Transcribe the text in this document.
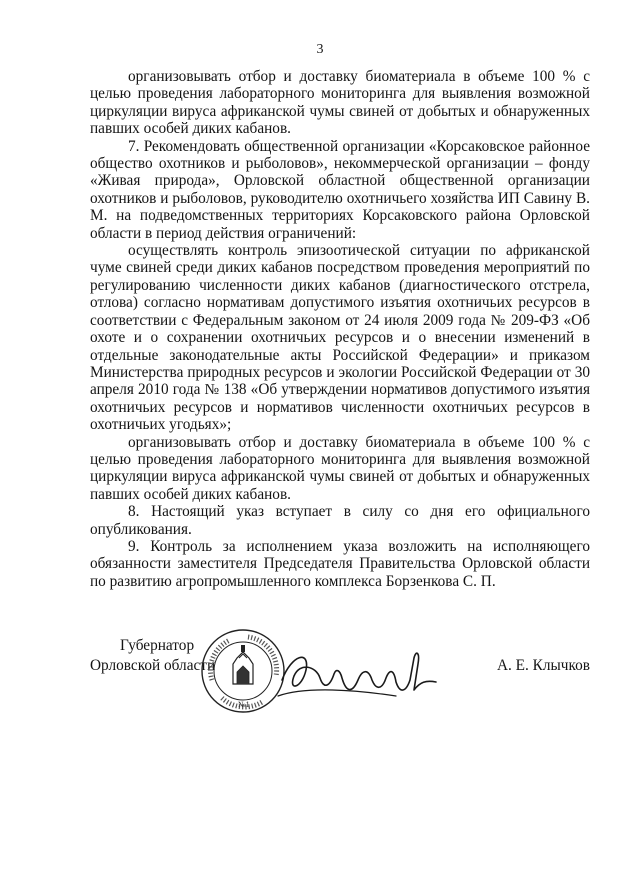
3

организовывать отбор и доставку биоматериала в объеме 100 % с целью проведения лабораторного мониторинга для выявления возможной циркуляции вируса африканской чумы свиней от добытых и обнаруженных павших особей диких кабанов.

7. Рекомендовать общественной организации «Корсаковское районное общество охотников и рыболовов», некоммерческой организации – фонду «Живая природа», Орловской областной общественной организации охотников и рыболовов, руководителю охотничьего хозяйства ИП Савину В. М. на подведомственных территориях Корсаковского района Орловской области в период действия ограничений:

осуществлять контроль эпизоотической ситуации по африканской чуме свиней среди диких кабанов посредством проведения мероприятий по регулированию численности диких кабанов (диагностического отстрела, отлова) согласно нормативам допустимого изъятия охотничьих ресурсов в соответствии с Федеральным законом от 24 июля 2009 года № 209-ФЗ «Об охоте и о сохранении охотничьих ресурсов и о внесении изменений в отдельные законодательные акты Российской Федерации» и приказом Министерства природных ресурсов и экологии Российской Федерации от 30 апреля 2010 года № 138 «Об утверждении нормативов допустимого изъятия охотничьих ресурсов и нормативов численности охотничьих ресурсов в охотничьих угодьях»;

организовывать отбор и доставку биоматериала в объеме 100 % с целью проведения лабораторного мониторинга для выявления возможной циркуляции вируса африканской чумы свиней от добытых и обнаруженных павших особей диких кабанов.

8. Настоящий указ вступает в силу со дня его официального опубликования.

9. Контроль за исполнением указа возложить на исполняющего обязанности заместителя Председателя Правительства Орловской области по развитию агропромышленного комплекса Борзенкова С. П.

Губернатор
Орловской области
№1
А. Е. Клычков
